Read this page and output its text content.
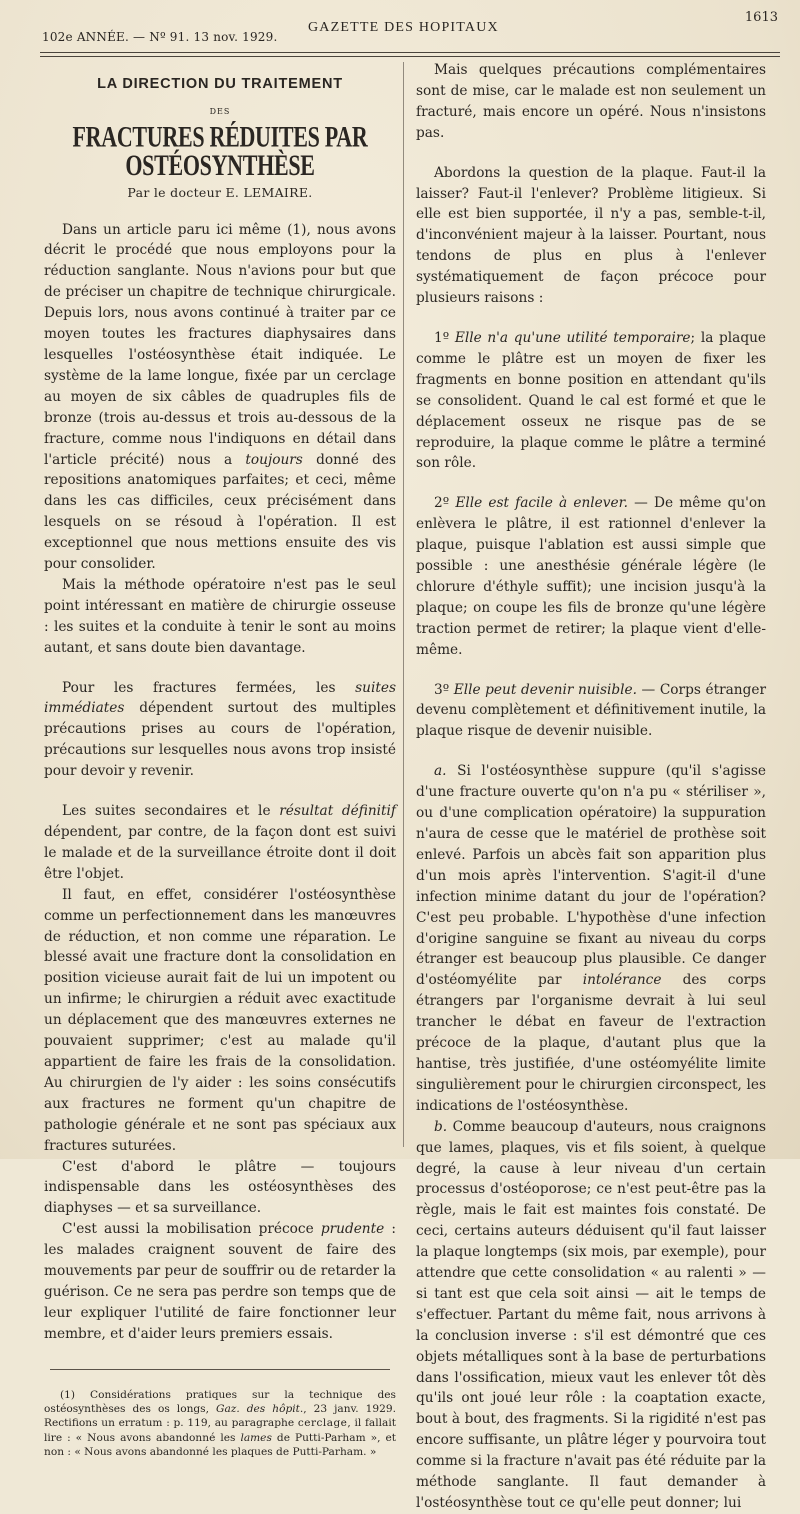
102e ANNÉE. — Nº 91. 13 nov. 1929.
GAZETTE DES HOPITAUX
1613
LA DIRECTION DU TRAITEMENT
DES
FRACTURES RÉDUITES PAR OSTÉOSYNTHÈSE
Par le docteur E. LEMAIRE.

Dans un article paru ici même (1), nous avons décrit le procédé que nous employons pour la réduction sanglante. Nous n'avions pour but que de préciser un chapitre de technique chirurgicale. Depuis lors, nous avons continué à traiter par ce moyen toutes les fractures diaphysaires dans lesquelles l'ostéosynthèse était indiquée. Le système de la lame longue, fixée par un cerclage au moyen de six câbles de quadruples fils de bronze (trois au-dessus et trois au-dessous de la fracture, comme nous l'indiquons en détail dans l'article précité) nous a toujours donné des repositions anatomiques parfaites; et ceci, même dans les cas difficiles, ceux précisément dans lesquels on se résoud à l'opération. Il est exceptionnel que nous mettions ensuite des vis pour consolider.

Mais la méthode opératoire n'est pas le seul point intéressant en matière de chirurgie osseuse : les suites et la conduite à tenir le sont au moins autant, et sans doute bien davantage.

Pour les fractures fermées, les suites immédiates dépendent surtout des multiples précautions prises au cours de l'opération, précautions sur lesquelles nous avons trop insisté pour devoir y revenir.

Les suites secondaires et le résultat définitif dépendent, par contre, de la façon dont est suivi le malade et de la surveillance étroite dont il doit être l'objet.

Il faut, en effet, considérer l'ostéosynthèse comme un perfectionnement dans les manœuvres de réduction, et non comme une réparation. Le blessé avait une fracture dont la consolidation en position vicieuse aurait fait de lui un impotent ou un infirme; le chirurgien a réduit avec exactitude un déplacement que des manœuvres externes ne pouvaient supprimer; c'est au malade qu'il appartient de faire les frais de la consolidation. Au chirurgien de l'y aider : les soins consécutifs aux fractures ne forment qu'un chapitre de pathologie générale et ne sont pas spéciaux aux fractures suturées.

C'est d'abord le plâtre — toujours indispensable dans les ostéosynthèses des diaphyses — et sa surveillance.

C'est aussi la mobilisation précoce prudente : les malades craignent souvent de faire des mouvements par peur de souffrir ou de retarder la guérison. Ce ne sera pas perdre son temps que de leur expliquer l'utilité de faire fonctionner leur membre, et d'aider leurs premiers essais.

(1) Considérations pratiques sur la technique des ostéosynthèses des os longs, Gaz. des hôpit., 23 janv. 1929. Rectifions un erratum : p. 119, au paragraphe cerclage, il fallait lire : « Nous avons abandonné les lames de Putti-Parham », et non : « Nous avons abandonné les plaques de Putti-Parham. »

Mais quelques précautions complémentaires sont de mise, car le malade est non seulement un fracturé, mais encore un opéré. Nous n'insistons pas.

Abordons la question de la plaque. Faut-il la laisser? Faut-il l'enlever? Problème litigieux. Si elle est bien supportée, il n'y a pas, semble-t-il, d'inconvénient majeur à la laisser. Pourtant, nous tendons de plus en plus à l'enlever systématiquement de façon précoce pour plusieurs raisons :

1º Elle n'a qu'une utilité temporaire; la plaque comme le plâtre est un moyen de fixer les fragments en bonne position en attendant qu'ils se consolident. Quand le cal est formé et que le déplacement osseux ne risque pas de se reproduire, la plaque comme le plâtre a terminé son rôle.

2º Elle est facile à enlever. — De même qu'on enlèvera le plâtre, il est rationnel d'enlever la plaque, puisque l'ablation est aussi simple que possible : une anesthésie générale légère (le chlorure d'éthyle suffit); une incision jusqu'à la plaque; on coupe les fils de bronze qu'une légère traction permet de retirer; la plaque vient d'elle-même.

3º Elle peut devenir nuisible. — Corps étranger devenu complètement et définitivement inutile, la plaque risque de devenir nuisible.

a. Si l'ostéosynthèse suppure (qu'il s'agisse d'une fracture ouverte qu'on n'a pu « stériliser », ou d'une complication opératoire) la suppuration n'aura de cesse que le matériel de prothèse soit enlevé. Parfois un abcès fait son apparition plus d'un mois après l'intervention. S'agit-il d'une infection minime datant du jour de l'opération? C'est peu probable. L'hypothèse d'une infection d'origine sanguine se fixant au niveau du corps étranger est beaucoup plus plausible. Ce danger d'ostéomyélite par intolérance des corps étrangers par l'organisme devrait à lui seul trancher le débat en faveur de l'extraction précoce de la plaque, d'autant plus que la hantise, très justifiée, d'une ostéomyélite limite singulièrement pour le chirurgien circonspect, les indications de l'ostéosynthèse.

b. Comme beaucoup d'auteurs, nous craignons que lames, plaques, vis et fils soient, à quelque degré, la cause à leur niveau d'un certain processus d'ostéoporose; ce n'est peut-être pas la règle, mais le fait est maintes fois constaté. De ceci, certains auteurs déduisent qu'il faut laisser la plaque longtemps (six mois, par exemple), pour attendre que cette consolidation « au ralenti » — si tant est que cela soit ainsi — ait le temps de s'effectuer. Partant du même fait, nous arrivons à la conclusion inverse : s'il est démontré que ces objets métalliques sont à la base de perturbations dans l'ossification, mieux vaut les enlever tôt dès qu'ils ont joué leur rôle : la coaptation exacte, bout à bout, des fragments. Si la rigidité n'est pas encore suffisante, un plâtre léger y pourvoira tout comme si la fracture n'avait pas été réduite par la méthode sanglante. Il faut demander à l'ostéosynthèse tout ce qu'elle peut donner; lui
